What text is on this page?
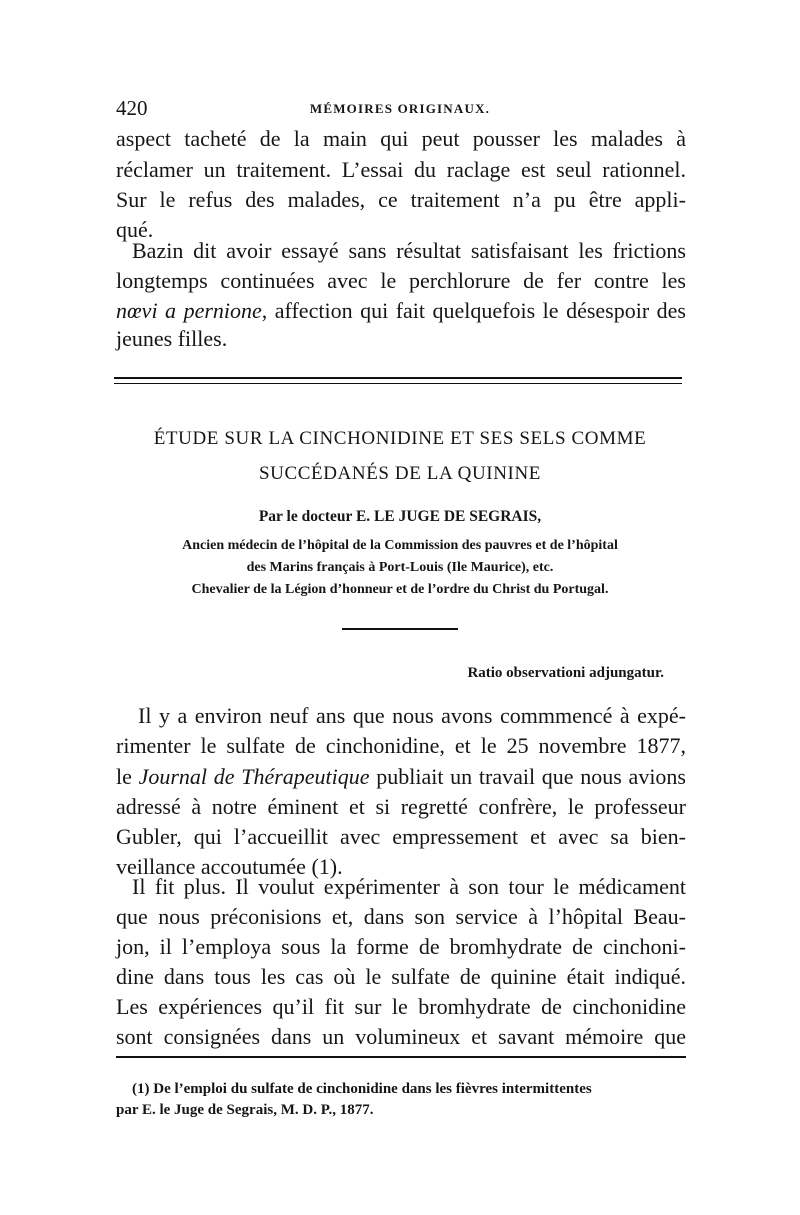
420	MÉMOIRES ORIGINAUX.
aspect tacheté de la main qui peut pousser les malades à
réclamer un traitement. L’essai du raclage est seul rationnel.
Sur le refus des malades, ce traitement n’a pu être appli-
qué.
Bazin dit avoir essayé sans résultat satisfaisant les frictions
longtemps continuées avec le perchlorure de fer contre les
nœvi a pernione, affection qui fait quelquefois le désespoir des
jeunes filles.
ÉTUDE SUR LA CINCHONIDINE ET SES SELS COMME
SUCCÉDANÉS DE LA QUININE
Par le docteur E. LE JUGE DE SEGRAIS,
Ancien médecin de l’hôpital de la Commission des pauvres et de l’hôpital
des Marins français à Port-Louis (Ile Maurice), etc.
Chevalier de la Légion d’honneur et de l’ordre du Christ du Portugal.
Ratio observationi adjungatur.
Il y a environ neuf ans que nous avons commmencé à expé-
rimenter le sulfate de cinchonidine, et le 25 novembre 1877,
le Journal de Thérapeutique publiait un travail que nous avions
adressé à notre éminent et si regretté confrère, le professeur
Gubler, qui l’accueillit avec empressement et avec sa bien-
veillance accoutumée (1).
Il fit plus. Il voulut expérimenter à son tour le médicament
que nous préconisions et, dans son service à l’hôpital Beau-
jon, il l’employa sous la forme de bromhydrate de cinchoni-
dine dans tous les cas où le sulfate de quinine était indiqué.
Les expériences qu’il fit sur le bromhydrate de cinchonidine
sont consignées dans un volumineux et savant mémoire que
(1) De l’emploi du sulfate de cinchonidine dans les fièvres intermittentes
par E. le Juge de Segrais, M. D. P., 1877.
